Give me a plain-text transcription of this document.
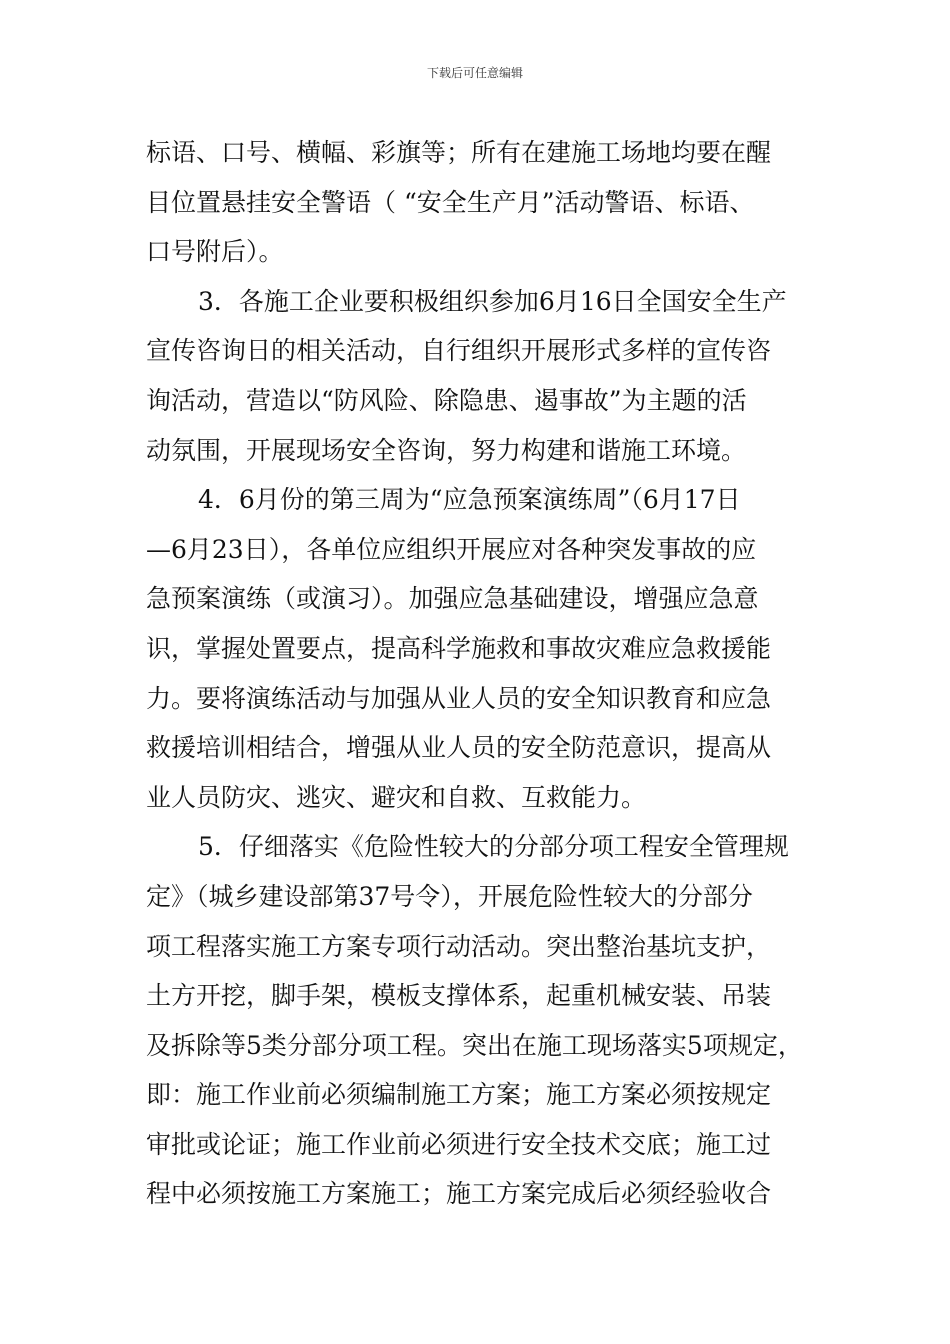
下载后可任意编辑
标语、口号、横幅、彩旗等；所有在建施工场地均要在醒
目位置悬挂安全警语（ “安全生产月”活动警语、标语、
口号附后）。
3．各施工企业要积极组织参加6月16日全国安全生产
宣传咨询日的相关活动，自行组织开展形式多样的宣传咨
询活动，营造以“防风险、除隐患、遏事故”为主题的活
动氛围，开展现场安全咨询，努力构建和谐施工环境。
4．6月份的第三周为“应急预案演练周”（6月17日
—6月23日），各单位应组织开展应对各种突发事故的应
急预案演练（或演习）。加强应急基础建设，增强应急意
识，掌握处置要点，提高科学施救和事故灾难应急救援能
力。要将演练活动与加强从业人员的安全知识教育和应急
救援培训相结合，增强从业人员的安全防范意识，提高从
业人员防灾、逃灾、避灾和自救、互救能力。
5．仔细落实《危险性较大的分部分项工程安全管理规
定》（城乡建设部第37号令），开展危险性较大的分部分
项工程落实施工方案专项行动活动。突出整治基坑支护，
土方开挖，脚手架，模板支撑体系，起重机械安装、吊装
及拆除等5类分部分项工程。突出在施工现场落实5项规定，
即：施工作业前必须编制施工方案；施工方案必须按规定
审批或论证；施工作业前必须进行安全技术交底；施工过
程中必须按施工方案施工；施工方案完成后必须经验收合
